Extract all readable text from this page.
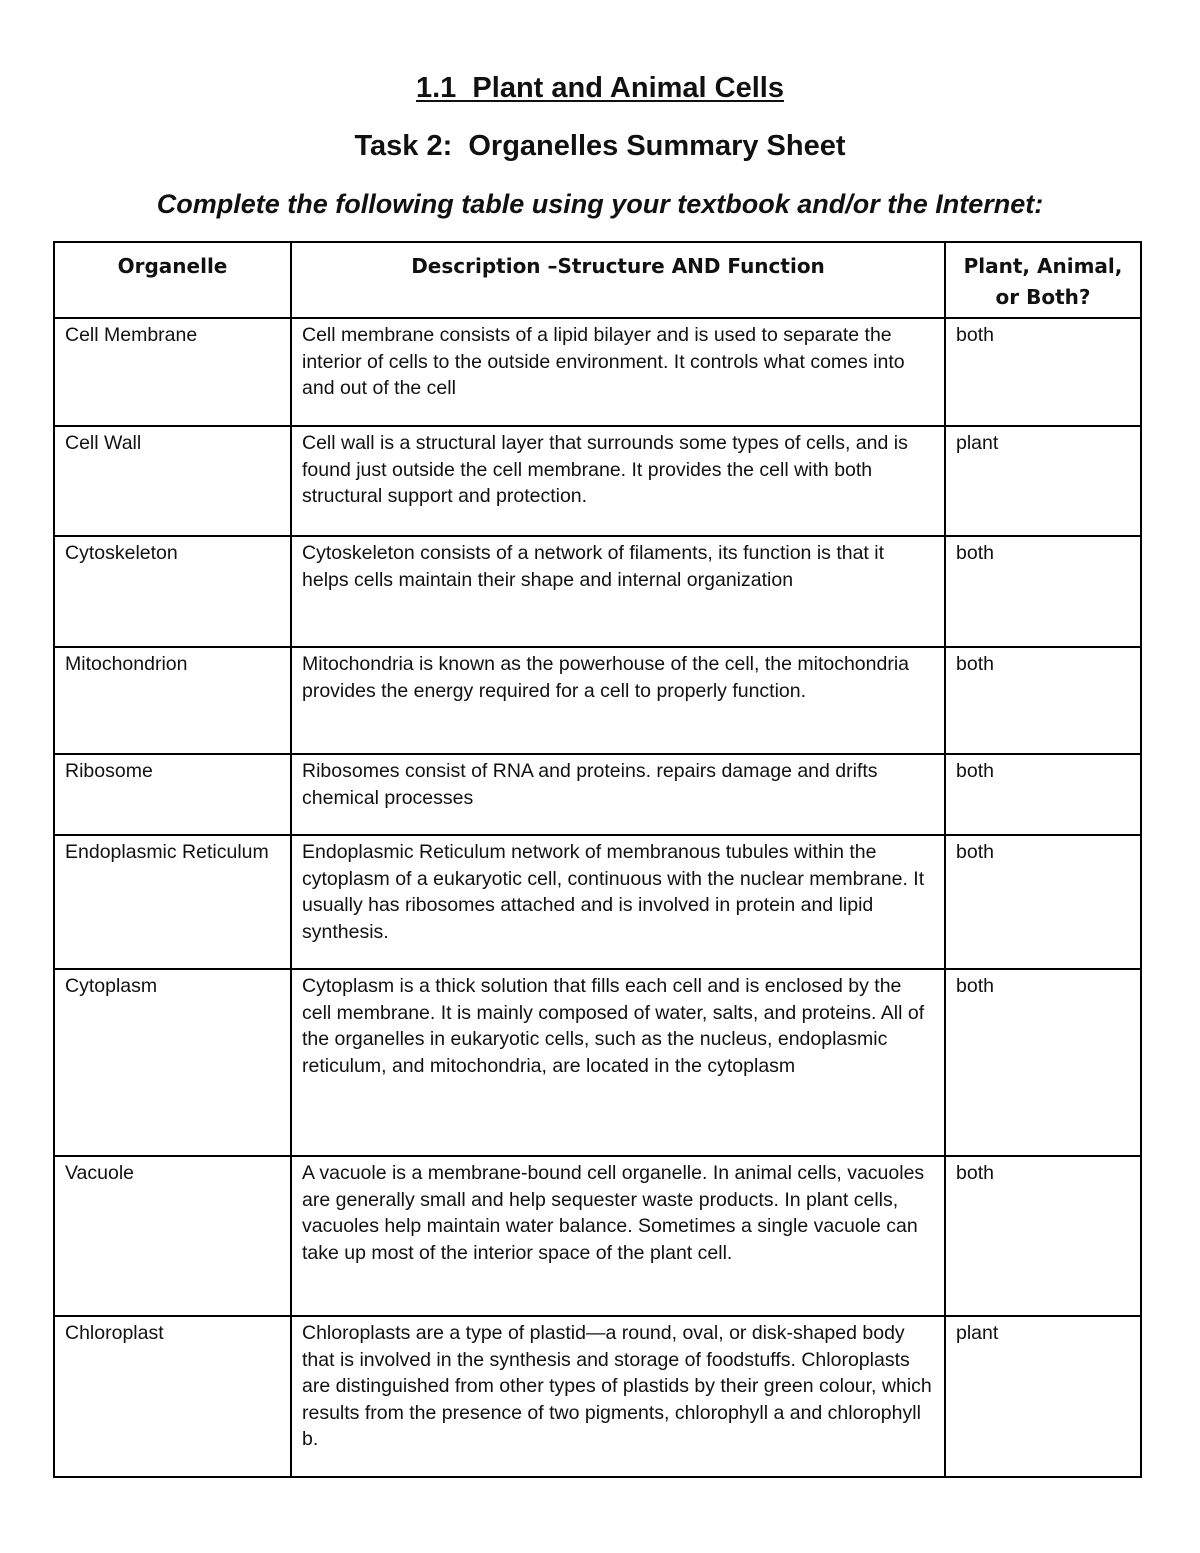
1.1  Plant and Animal Cells
Task 2:  Organelles Summary Sheet
Complete the following table using your textbook and/or the Internet:
Organelle	Description –Structure AND Function	Plant, Animal, or Both?
Cell Membrane	Cell membrane consists of a lipid bilayer and is used to separate the interior of cells to the outside environment. It controls what comes into and out of the cell	both
Cell Wall	Cell wall is a structural layer that surrounds some types of cells, and is found just outside the cell membrane. It provides the cell with both structural support and protection.	plant
Cytoskeleton	Cytoskeleton consists of a network of filaments, its function is that it helps cells maintain their shape and internal organization	both
Mitochondrion	Mitochondria is known as the powerhouse of the cell, the mitochondria provides the energy required for a cell to properly function.	both
Ribosome	Ribosomes consist of RNA and proteins. repairs damage and drifts chemical processes	both
Endoplasmic Reticulum	Endoplasmic Reticulum network of membranous tubules within the cytoplasm of a eukaryotic cell, continuous with the nuclear membrane. It usually has ribosomes attached and is involved in protein and lipid synthesis.	both
Cytoplasm	Cytoplasm is a thick solution that fills each cell and is enclosed by the cell membrane. It is mainly composed of water, salts, and proteins. All of the organelles in eukaryotic cells, such as the nucleus, endoplasmic reticulum, and mitochondria, are located in the cytoplasm	both
Vacuole	A vacuole is a membrane-bound cell organelle. In animal cells, vacuoles are generally small and help sequester waste products. In plant cells, vacuoles help maintain water balance. Sometimes a single vacuole can take up most of the interior space of the plant cell.	both
Chloroplast	Chloroplasts are a type of plastid—a round, oval, or disk-shaped body that is involved in the synthesis and storage of foodstuffs. Chloroplasts are distinguished from other types of plastids by their green colour, which results from the presence of two pigments, chlorophyll a and chlorophyll b.	plant
